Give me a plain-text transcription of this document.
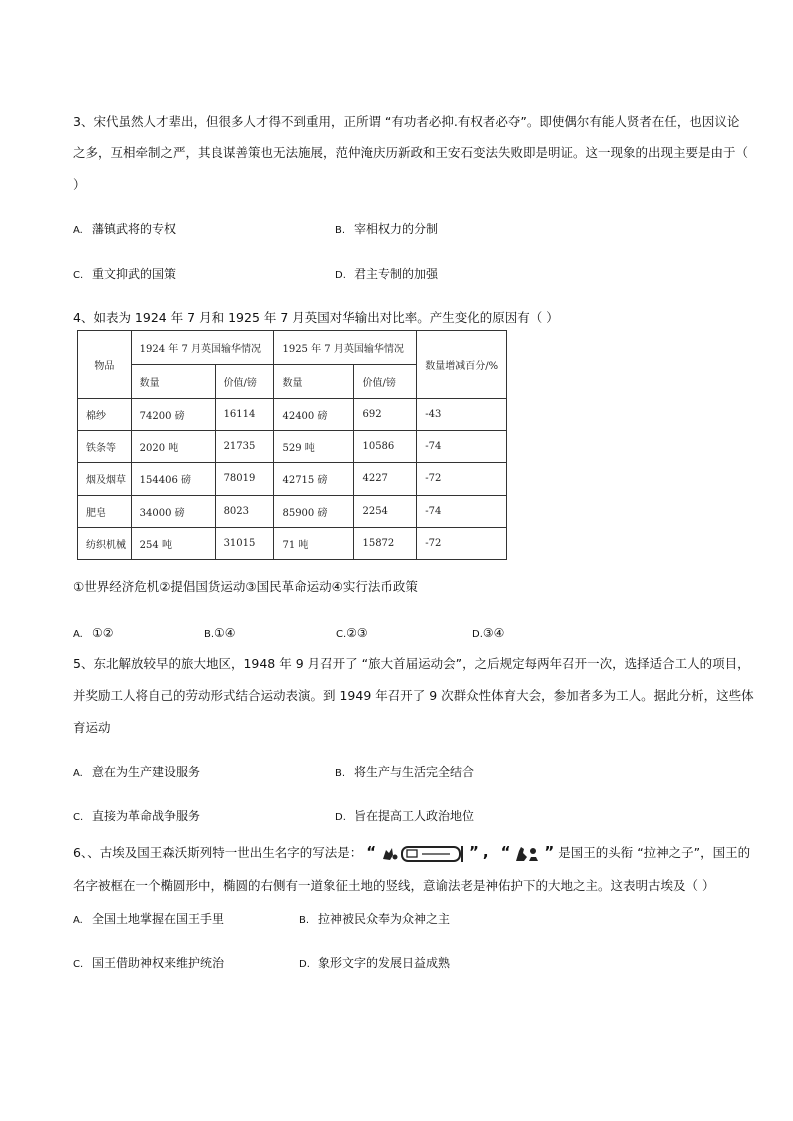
3、宋代虽然人才辈出，但很多人才得不到重用，正所谓 “有功者必抑.有权者必夺”。即使偶尔有能人贤者在任，也因议论
之多，互相牵制之严，其良谋善策也无法施展，范仲淹庆历新政和王安石变法失败即是明证。这一现象的出现主要是由于（
）
A. 藩镇武将的专权	B. 宰相权力的分制
C. 重文抑武的国策	D. 君主专制的加强
4、如表为 1924 年 7 月和 1925 年 7 月英国对华输出对比率。产生变化的原因有（ ）
物品	1924 年 7 月英国输华情况		1925 年 7 月英国输华情况		数量增减百分/%
	数量	价值/镑	数量	价值/镑	
棉纱	74200 磅	16114	42400 磅	692	-43
铁条等	2020 吨	21735	529 吨	10586	-74
烟及烟草	154406 磅	78019	42715 磅	4227	-72
肥皂	34000 磅	8023	85900 磅	2254	-74
纺织机械	254 吨	31015	71 吨	15872	-72
①世界经济危机②提倡国货运动③国民革命运动④实行法币政策
A. ①②	B.①④	C.②③	D.③④
5、东北解放较早的旅大地区，1948 年 9 月召开了 “旅大首届运动会”，之后规定每两年召开一次，选择适合工人的项目，
并奖励工人将自己的劳动形式结合运动表演。到 1949 年召开了 9 次群众性体育大会，参加者多为工人。据此分析，这些体
育运动
A. 意在为生产建设服务	B. 将生产与生活完全结合
C. 直接为革命战争服务	D. 旨在提高工人政治地位
6、、古埃及国王森沃斯列特一世出生名字的写法是： “	” , “ ” 是国王的头衔 “拉神之子”，国王的
名字被框在一个椭圆形中，椭圆的右侧有一道象征土地的竖线，意谕法老是神佑护下的大地之主。这表明古埃及（ ）
A. 全国土地掌握在国王手里	B. 拉神被民众奉为众神之主
C. 国王借助神权来维护统治	D. 象形文字的发展日益成熟
